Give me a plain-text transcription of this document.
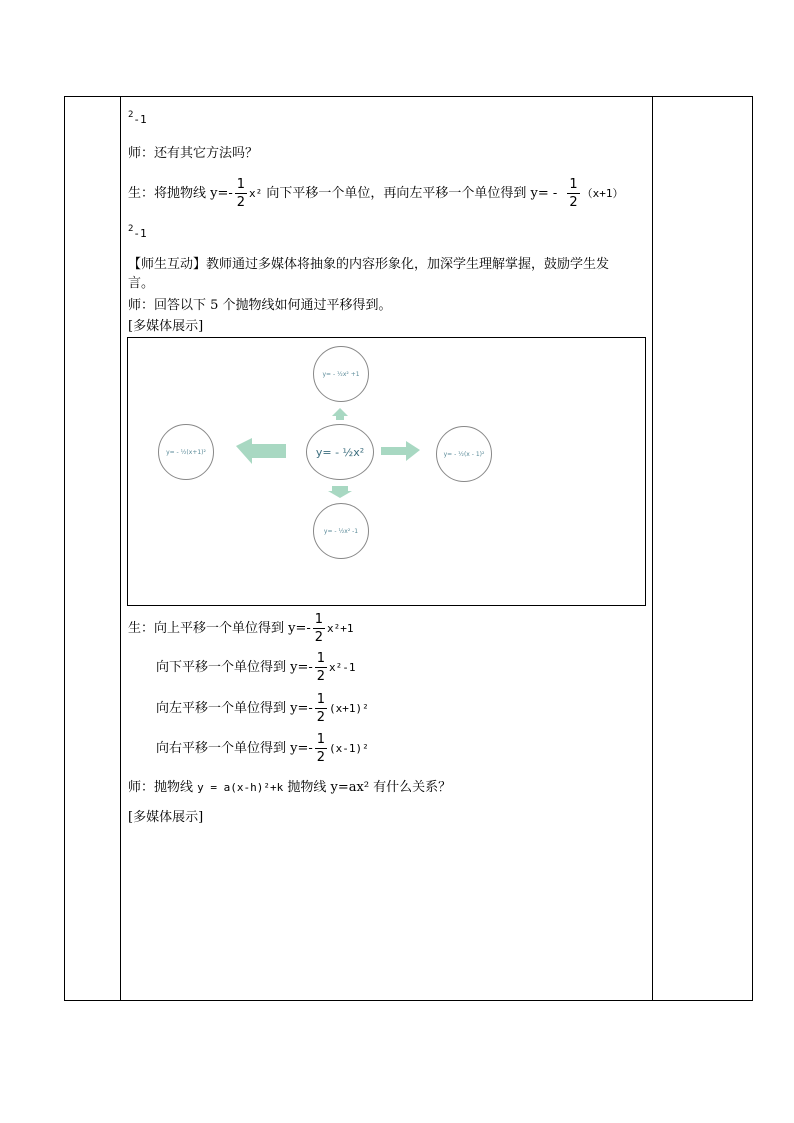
$^2$-1
师：还有其它方法吗？
生：将抛物线 $y=- \frac{1}{2} x^2$ 向下平移一个单位，再向左平移一个单位得到 $y= - \frac{1}{2} (x+1)$
$^2$-1
【师生互动】教师通过多媒体将抽象的内容形象化，加深学生理解掌握，鼓励学生发
言。
师：回答以下 5 个抛物线如何通过平移得到。
[多媒体展示]
y= - ½x²
y= - ½x² +1
y= - ½x² -1
y= - ½(x+1)²	y= - ½(x - 1)²
生：向上平移一个单位得到 $y=- \frac{1}{2} x^2+1$
向下平移一个单位得到 $y=- \frac{1}{2} x^2-1$
向左平移一个单位得到 $y=- \frac{1}{2} (x+1)^2$
向右平移一个单位得到 $y=- \frac{1}{2} (x-1)^2$
师：抛物线 y = a(x-h)²+k 抛物线 y=ax² 有什么关系？
[多媒体展示]
